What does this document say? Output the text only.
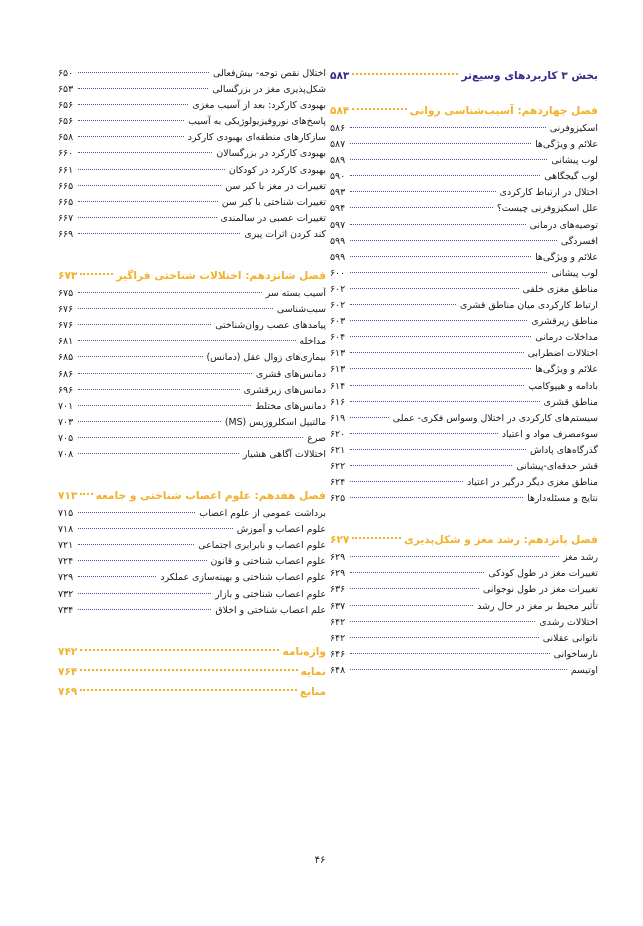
بخش ۳ کاربردهای وسیع‌تر
۵۸۳
فصل چهاردهم: آسیب‌شناسی روانی
۵۸۴
اسکیزوفرنی
۵۸۶
علائم و ویژگی‌ها
۵۸۷
لوب پیشانی
۵۸۹
لوب گیجگاهی
۵۹۰
اختلال در ارتباط کارکردی
۵۹۳
علل اسکیزوفرنی چیست؟
۵۹۴
توصیه‌های درمانی
۵۹۷
افسردگی
۵۹۹
علائم و ویژگی‌ها
۵۹۹
لوب پیشانی
۶۰۰
مناطق مغزی خلفی
۶۰۲
ارتباط کارکردی میان مناطق قشری
۶۰۲
مناطق زیرقشری
۶۰۳
مداخلات درمانی
۶۰۴
اختلالات اضطرابی
۶۱۳
علائم و ویژگی‌ها
۶۱۳
بادامه و هیپوکامپ
۶۱۴
مناطق قشری
۶۱۶
سیستم‌های کارکردی در اختلال وسواس فکری- عملی
۶۱۹
سوءمصرف مواد و اعتیاد
۶۲۰
گذرگاه‌های پاداش
۶۲۱
قشر حدقه‌ای-پیشانی
۶۲۲
مناطق مغزی دیگر درگیر در اعتیاد
۶۲۴
نتایج و مسئله‌دارها
۶۲۵
فصل پانزدهم: رشد مغز و شکل‌پذیری
۶۲۷
رشد مغز
۶۲۹
تغییرات مغز در طول کودکی
۶۲۹
تغییرات مغز در طول نوجوانی
۶۳۶
تأثیر محیط بر مغز در حال رشد
۶۳۷
اختلالات رشدی
۶۴۲
ناتوانی عقلانی
۶۴۲
نارساخوانی
۶۴۶
اوتیسم
۶۴۸
اختلال نقص توجه- بیش‌فعالی
۶۵۰
شکل‌پذیری مغز در بزرگسالی
۶۵۳
بهبودی کارکرد: بعد از آسیب مغزی
۶۵۶
پاسخ‌های نوروفیزیولوژیکی به آسیب
۶۵۶
سازکارهای منطقه‌ای بهبودی کارکرد
۶۵۸
بهبودی کارکرد در بزرگسالان
۶۶۰
بهبودی کارکرد در کودکان
۶۶۱
تغییرات در مغز با کبر سن
۶۶۵
تغییرات شناختی با کبر سن
۶۶۵
تغییرات عصبی در سالمندی
۶۶۷
کند کردن اثرات پیری
۶۶۹
فصل شانزدهم: اختلالات شناختی فراگیر
۶۷۳
آسیب بسته سر
۶۷۵
سبب‌شناسی
۶۷۶
پیامدهای عصب روان‌شناختی
۶۷۶
مداخله
۶۸۱
بیماری‌های زوال عقل (دمانس)
۶۸۵
دمانس‌های قشری
۶۸۶
دمانس‌های زیرقشری
۶۹۶
دمانس‌های مختلط
۷۰۱
مالتیپل اسکلروزیس (MS)
۷۰۳
صرع
۷۰۵
اختلالات آگاهی هشیار
۷۰۸
فصل هفدهم: علوم اعصاب شناختی و جامعه
۷۱۳
برداشت عمومی از علوم اعصاب
۷۱۵
علوم اعصاب و آموزش
۷۱۸
علوم اعصاب و نابرابری اجتماعی
۷۲۱
علوم اعصاب شناختی و قانون
۷۲۴
علوم اعصاب شناختی و بهینه‌سازی عملکرد
۷۲۹
علوم اعصاب شناختی و بازار
۷۳۲
علم اعصاب شناختی و اخلاق
۷۳۴
واژه‌نامه
۷۴۲
نمایه
۷۶۴
منابع
۷۶۹
۴۶
